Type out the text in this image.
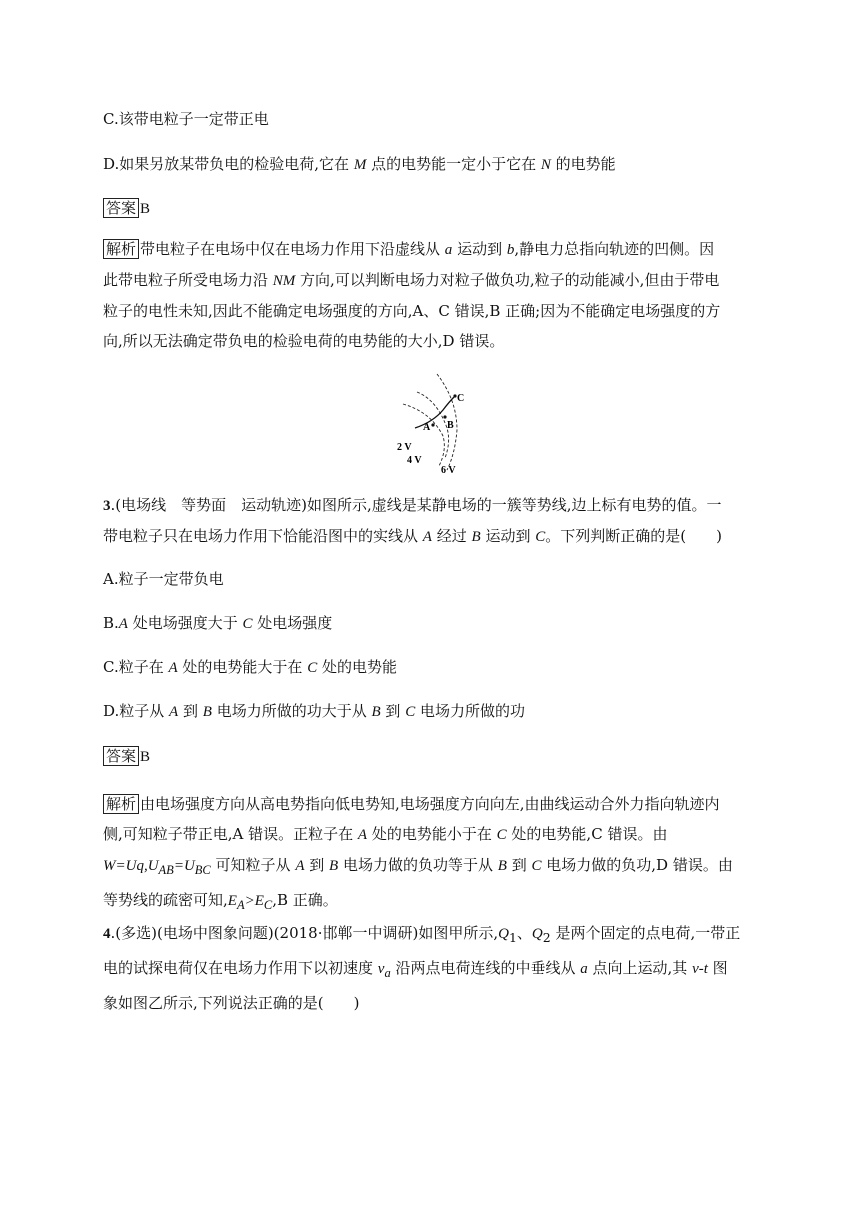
C.该带电粒子一定带正电
D.如果另放某带负电的检验电荷,它在 M 点的电势能一定小于它在 N 的电势能
答案 B
解析 带电粒子在电场中仅在电场力作用下沿虚线从 a 运动到 b,静电力总指向轨迹的凹侧。因
此带电粒子所受电场力沿 NM 方向,可以判断电场力对粒子做负功,粒子的动能减小,但由于带电
粒子的电性未知,因此不能确定电场强度的方向,A、C 错误,B 正确;因为不能确定电场强度的方
向,所以无法确定带负电的检验电荷的电势能的大小,D 错误。
A B
C
2 V
4 V
6 V
3.(电场线　等势面　运动轨迹)如图所示,虚线是某静电场的一簇等势线,边上标有电势的值。一
带电粒子只在电场力作用下恰能沿图中的实线从 A 经过 B 运动到 C。下列判断正确的是(　　)
A.粒子一定带负电
B.A 处电场强度大于 C 处电场强度
C.粒子在 A 处的电势能大于在 C 处的电势能
D.粒子从 A 到 B 电场力所做的功大于从 B 到 C 电场力所做的功
答案 B
解析 由电场强度方向从高电势指向低电势知,电场强度方向向左,由曲线运动合外力指向轨迹内
侧,可知粒子带正电,A 错误。正粒子在 A 处的电势能小于在 C 处的电势能,C 错误。由
$W=Uq,U_{AB}=U_{BC}$ 可知粒子从 A 到 B 电场力做的负功等于从 B 到 C 电场力做的负功,D 错误。由
等势线的疏密可知$,E_A>E_C,B$ 正确。
4.(多选)(电场中图象问题)(2018·邯郸一中调研)如图甲所示$,Q_1$、$Q_2$ 是两个固定的点电荷,一带正
电的试探电荷仅在电场力作用下以初速度 $v_a$ 沿两点电荷连线的中垂线从 a 点向上运动,其 v-t 图
象如图乙所示,下列说法正确的是(　　)
